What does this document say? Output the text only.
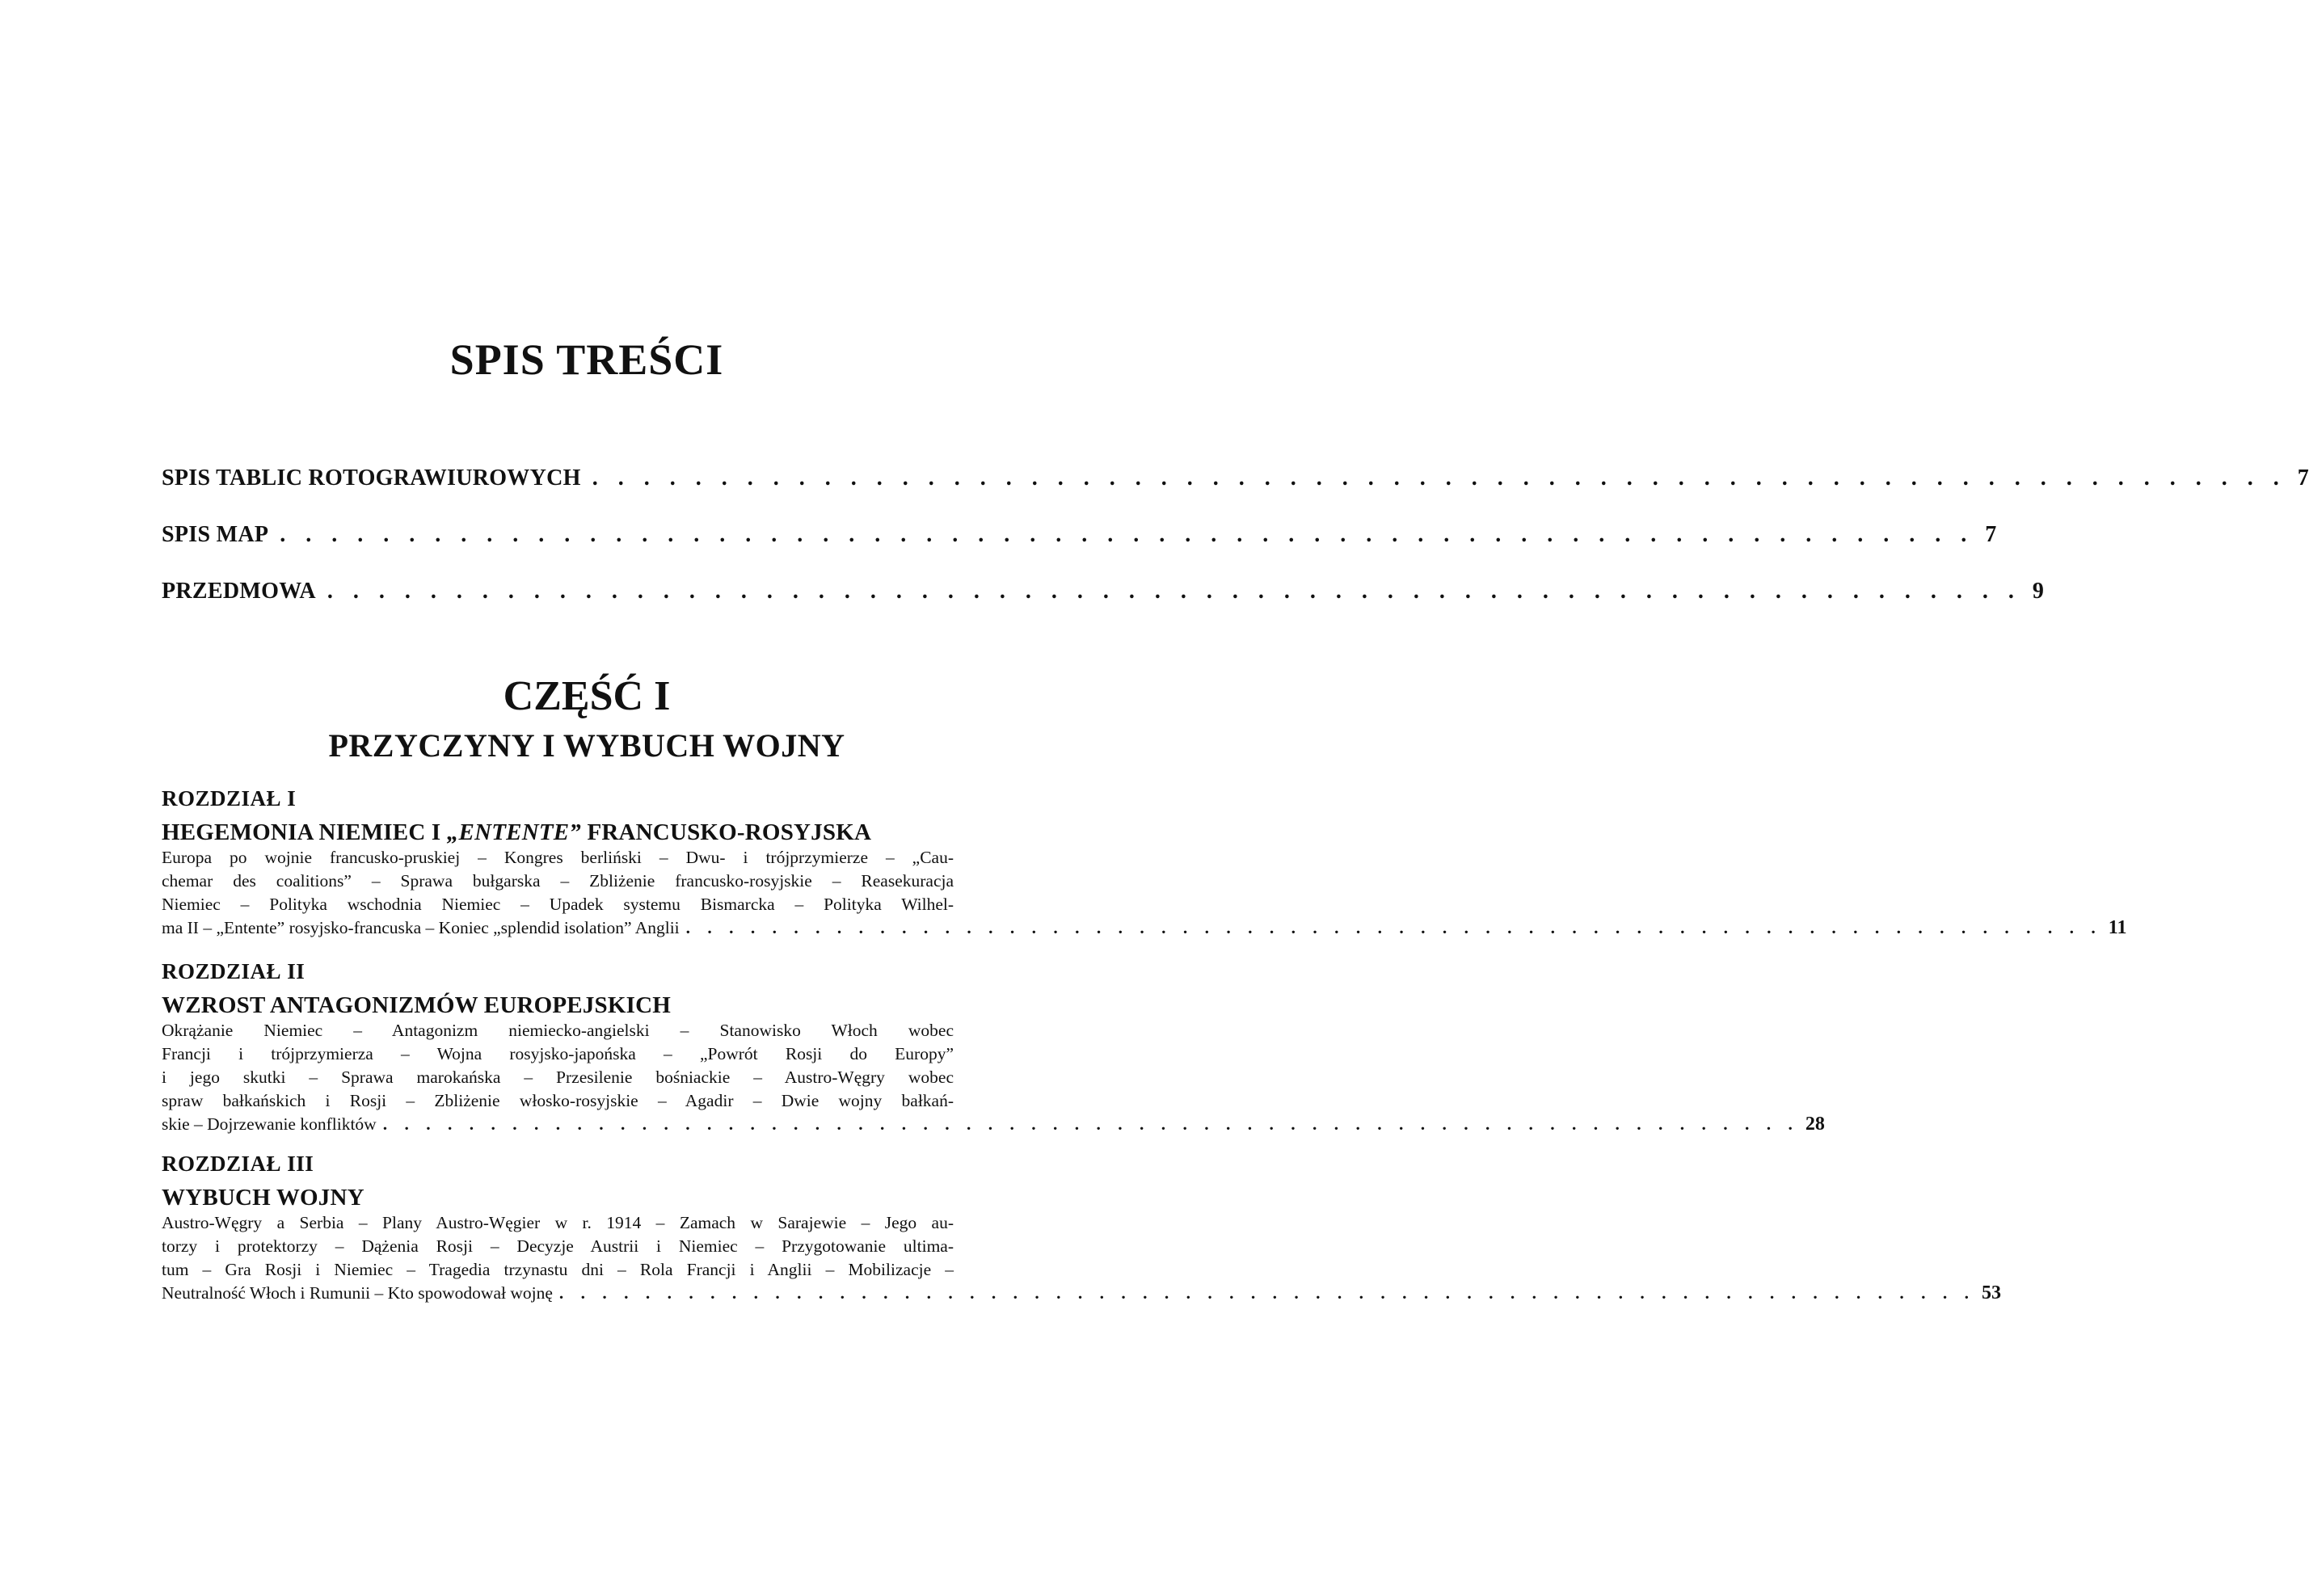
SPIS TREŚCI
SPIS TABLIC ROTOGRAWIUROWYCH . . . . . . . . . . . . . . . . . . . . . . . . . . . . . . . . . . . . . . . . . . . . . . . . . . . . . . . . . . . . . . . . . . 7
SPIS MAP . . . . . . . . . . . . . . . . . . . . . . . . . . . . . . . . . . . . . . . . . . . . . . . . . . . . . . . . . . . . . . . . . . 7
PRZEDMOWA . . . . . . . . . . . . . . . . . . . . . . . . . . . . . . . . . . . . . . . . . . . . . . . . . . . . . . . . . . . . . . . . . . 9
CZĘŚĆ I
PRZYCZYNY I WYBUCH WOJNY
ROZDZIAŁ I
HEGEMONIA NIEMIEC I „ENTENTE” FRANCUSKO-ROSYJSKA
Europa po wojnie francusko-pruskiej – Kongres berliński – Dwu- i trójprzymierze – „Cau-
chemar des coalitions” – Sprawa bułgarska – Zbliżenie francusko-rosyjskie – Reasekuracja
Niemiec – Polityka wschodnia Niemiec – Upadek systemu Bismarcka – Polityka Wilhel-
ma II – „Entente” rosyjsko-francuska – Koniec „splendid isolation” Anglii . . . . . . . . . . . . . . . . . . . . . . . . . . . . . . . . . . . . . . . . . . . . . . . . . . . . . . . . . . . . . . . . . . 11
ROZDZIAŁ II
WZROST ANTAGONIZMÓW EUROPEJSKICH
Okrążanie Niemiec – Antagonizm niemiecko-angielski – Stanowisko Włoch wobec
Francji i trójprzymierza – Wojna rosyjsko-japońska – „Powrót Rosji do Europy”
i jego skutki – Sprawa marokańska – Przesilenie bośniackie – Austro-Węgry wobec
spraw bałkańskich i Rosji – Zbliżenie włosko-rosyjskie – Agadir – Dwie wojny bałkań-
skie – Dojrzewanie konfliktów . . . . . . . . . . . . . . . . . . . . . . . . . . . . . . . . . . . . . . . . . . . . . . . . . . . . . . . . . . . . . . . . . . 28
ROZDZIAŁ III
WYBUCH WOJNY
Austro-Węgry a Serbia – Plany Austro-Węgier w r. 1914 – Zamach w Sarajewie – Jego au-
torzy i protektorzy – Dążenia Rosji – Decyzje Austrii i Niemiec – Przygotowanie ultima-
tum – Gra Rosji i Niemiec – Tragedia trzynastu dni – Rola Francji i Anglii – Mobilizacje –
Neutralność Włoch i Rumunii – Kto spowodował wojnę . . . . . . . . . . . . . . . . . . . . . . . . . . . . . . . . . . . . . . . . . . . . . . . . . . . . . . . . . . . . . . . . . . 53
